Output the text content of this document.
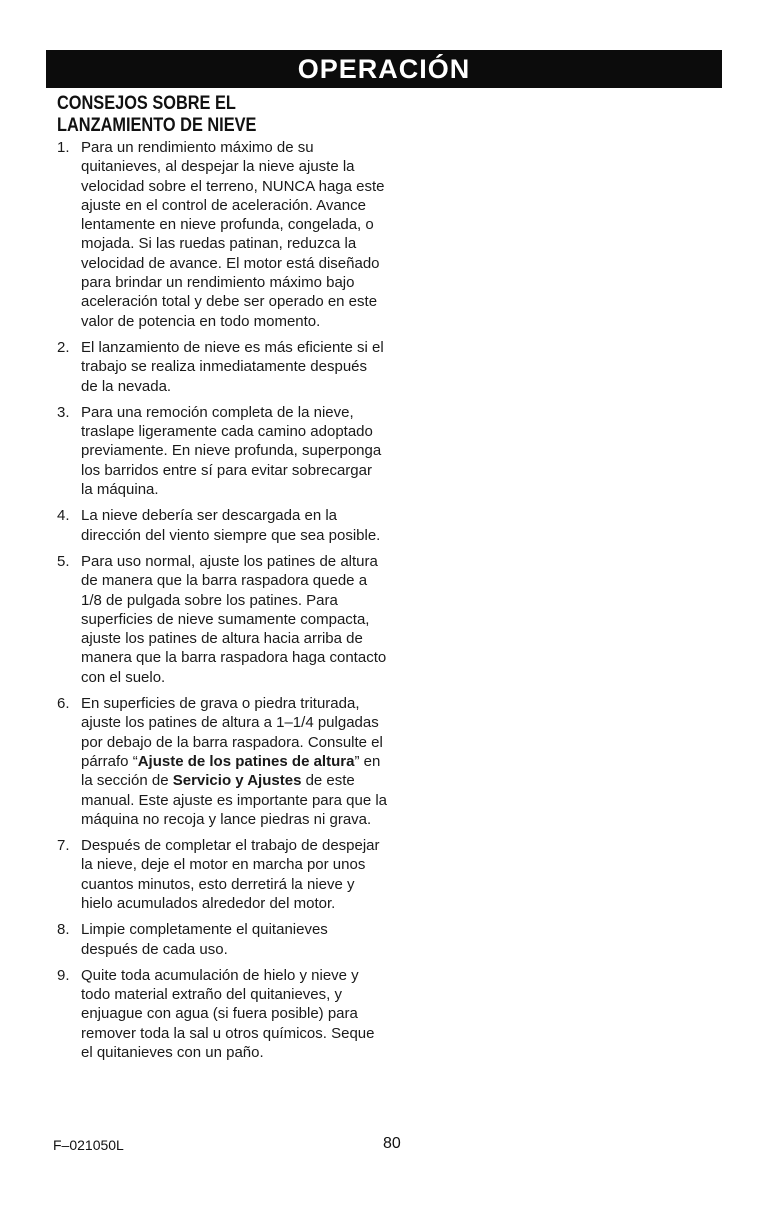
OPERACIÓN
CONSEJOS SOBRE EL
LANZAMIENTO DE NIEVE
1. Para un rendimiento máximo de su quitanieves, al despejar la nieve ajuste la velocidad sobre el terreno, NUNCA haga este ajuste en el control de aceleración. Avance lentamente en nieve profunda, congelada, o mojada. Si las ruedas patinan, reduzca la velocidad de avance. El motor está diseñado para brindar un rendimiento máximo bajo aceleración total y debe ser operado en este valor de potencia en todo momento.
2. El lanzamiento de nieve es más eficiente si el trabajo se realiza inmediatamente después de la nevada.
3. Para una remoción completa de la nieve, traslape ligeramente cada camino adoptado previamente. En nieve profunda, superponga los barridos entre sí para evitar sobrecargar la máquina.
4. La nieve debería ser descargada en la dirección del viento siempre que sea posible.
5. Para uso normal, ajuste los patines de altura de manera que la barra raspadora quede a 1/8 de pulgada sobre los patines. Para superficies de nieve sumamente compacta, ajuste los patines de altura hacia arriba de manera que la barra raspadora haga contacto con el suelo.
6. En superficies de grava o piedra triturada, ajuste los patines de altura a 1–1/4 pulgadas por debajo de la barra raspadora. Consulte el párrafo “Ajuste de los patines de altura” en la sección de Servicio y Ajustes de este manual. Este ajuste es importante para que la máquina no recoja y lance piedras ni grava.
7. Después de completar el trabajo de despejar la nieve, deje el motor en marcha por unos cuantos minutos, esto derretirá la nieve y hielo acumulados alrededor del motor.
8. Limpie completamente el quitanieves después de cada uso.
9. Quite toda acumulación de hielo y nieve y todo material extraño del quitanieves, y enjuague con agua (si fuera posible) para remover toda la sal u otros químicos. Seque el quitanieves con un paño.
F–021050L	80
